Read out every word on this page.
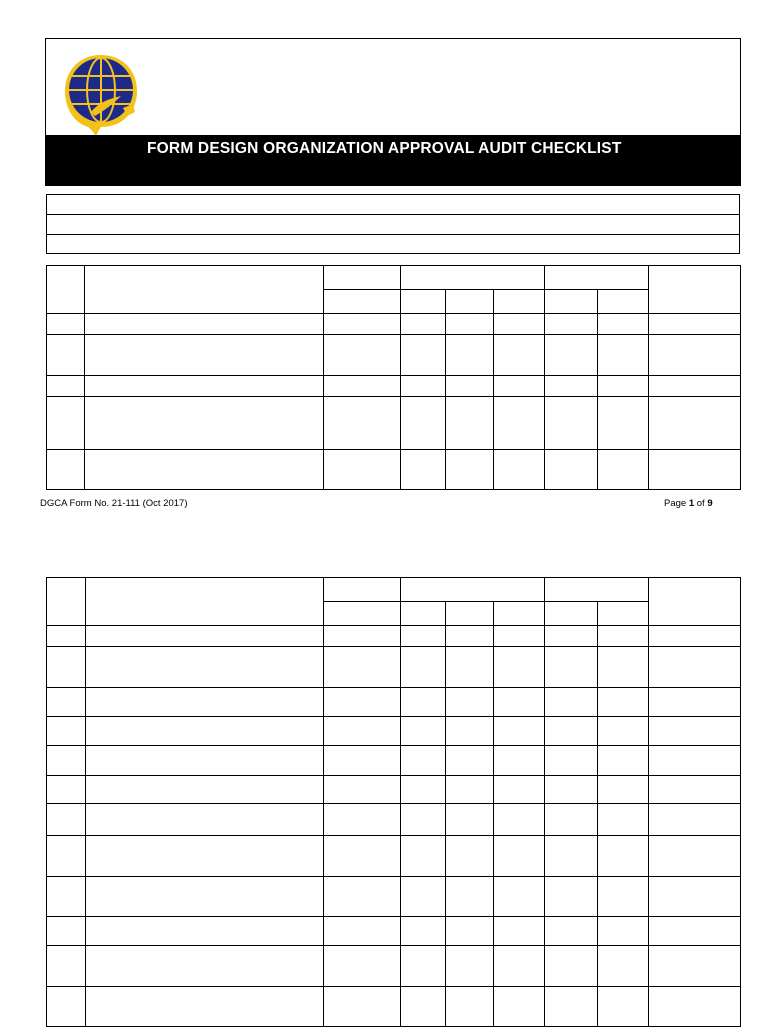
FORM DESIGN ORGANIZATION APPROVAL AUDIT CHECKLIST

DGCA Form No. 21-111 (Oct 2017)	Page 1 of 9
